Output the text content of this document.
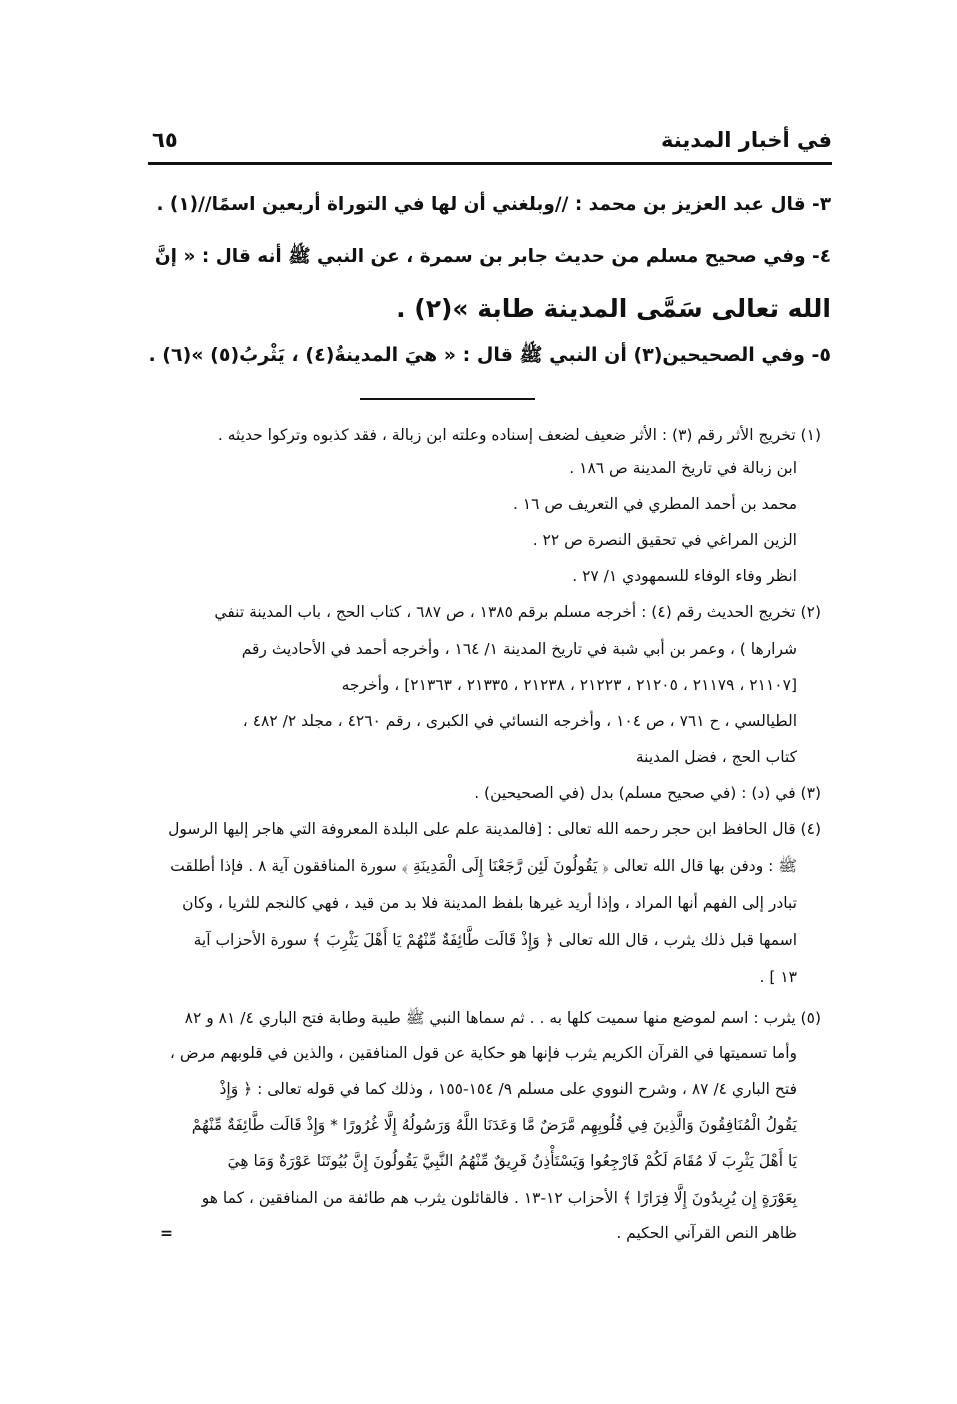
في أخبار المدينة
٦٥
٣- قال عبد العزيز بن محمد : //وبلغني أن لها في التوراة أربعين اسمًا//(١) .
٤- وفي صحيح مسلم من حديث جابر بن سمرة ، عن النبي ﷺ أنه قال : « إنَّ
الله تعالى سَمَّى المدينة طابة »(٢) .
٥- وفي الصحيحين(٣) أن النبي ﷺ قال : « هيَ المدينةُ(٤) ، يَثْربُ(٥) »(٦) .
(١) تخريج الأثر رقم (٣) : الأثر ضعيف لضعف إسناده وعلته ابن زبالة ، فقد كذبوه وتركوا حديثه .
ابن زبالة في تاريخ المدينة ص ١٨٦ .
محمد بن أحمد المطري في التعريف ص ١٦ .
الزين المراغي في تحقيق النصرة ص ٢٢ .
انظر وفاء الوفاء للسمهودي ١/ ٢٧ .
(٢) تخريج الحديث رقم (٤) : أخرجه مسلم برقم ١٣٨٥ ، ص ٦٨٧ ، كتاب الحج ، باب المدينة تنفي
شرارها ) ، وعمر بن أبي شبة في تاريخ المدينة ١/ ١٦٤ ، وأخرجه أحمد في الأحاديث رقم
[٢١١٠٧ ، ٢١١٧٩ ، ٢١٢٠٥ ، ٢١٢٢٣ ، ٢١٢٣٨ ، ٢١٣٣٥ ، ٢١٣٦٣] ، وأخرجه
الطيالسي ، ح ٧٦١ ، ص ١٠٤ ، وأخرجه النسائي في الكبرى ، رقم ٤٢٦٠ ، مجلد ٢/ ٤٨٢ ،
كتاب الحج ، فضل المدينة
(٣) في (د) : (في صحيح مسلم) بدل (في الصحيحين) .
(٤) قال الحافظ ابن حجر رحمه الله تعالى : [فالمدينة علم على البلدة المعروفة التي هاجر إليها الرسول
ﷺ : ودفن بها قال الله تعالى ﴿ يَقُولُونَ لَئِن رَّجَعْنَا إِلَى الْمَدِينَةِ ﴾ سورة المنافقون آية ٨ . فإذا أطلقت
تبادر إلى الفهم أنها المراد ، وإذا أريد غيرها بلفظ المدينة فلا بد من قيد ، فهي كالنجم للثريا ، وكان
اسمها قبل ذلك يثرب ، قال الله تعالى ﴿ وَإِذْ قَالَت طَّائِفَةٌ مِّنْهُمْ يَا أَهْلَ يَثْرِبَ ﴾ سورة الأحزاب آية
١٣ ] .
(٥) يثرب : اسم لموضع منها سميت كلها به . . ثم سماها النبي ﷺ طيبة وطابة فتح الباري ٤/ ٨١ و ٨٢
وأما تسميتها في القرآن الكريم يثرب فإنها هو حكاية عن قول المنافقين ، والذين في قلوبهم مرض ،
فتح الباري ٤/ ٨٧ ، وشرح النووي على مسلم ٩/ ١٥٤-١٥٥ ، وذلك كما في قوله تعالى : ﴿ وَإِذْ
يَقُولُ الْمُنَافِقُونَ وَالَّذِينَ فِي قُلُوبِهِم مَّرَضٌ مَّا وَعَدَنَا اللَّهُ وَرَسُولُهُ إِلَّا غُرُورًا * وَإِذْ قَالَت طَّائِفَةٌ مِّنْهُمْ
يَا أَهْلَ يَثْرِبَ لَا مُقَامَ لَكُمْ فَارْجِعُوا وَيَسْتَأْذِنُ فَرِيقٌ مِّنْهُمُ النَّبِيَّ يَقُولُونَ إِنَّ بُيُوتَنَا عَوْرَةٌ وَمَا هِيَ
بِعَوْرَةٍ إِن يُرِيدُونَ إِلَّا فِرَارًا ﴾ الأحزاب ١٢-١٣ . فالقائلون يثرب هم طائفة من المنافقين ، كما هو
ظاهر النص القرآني الحكيم .
=
